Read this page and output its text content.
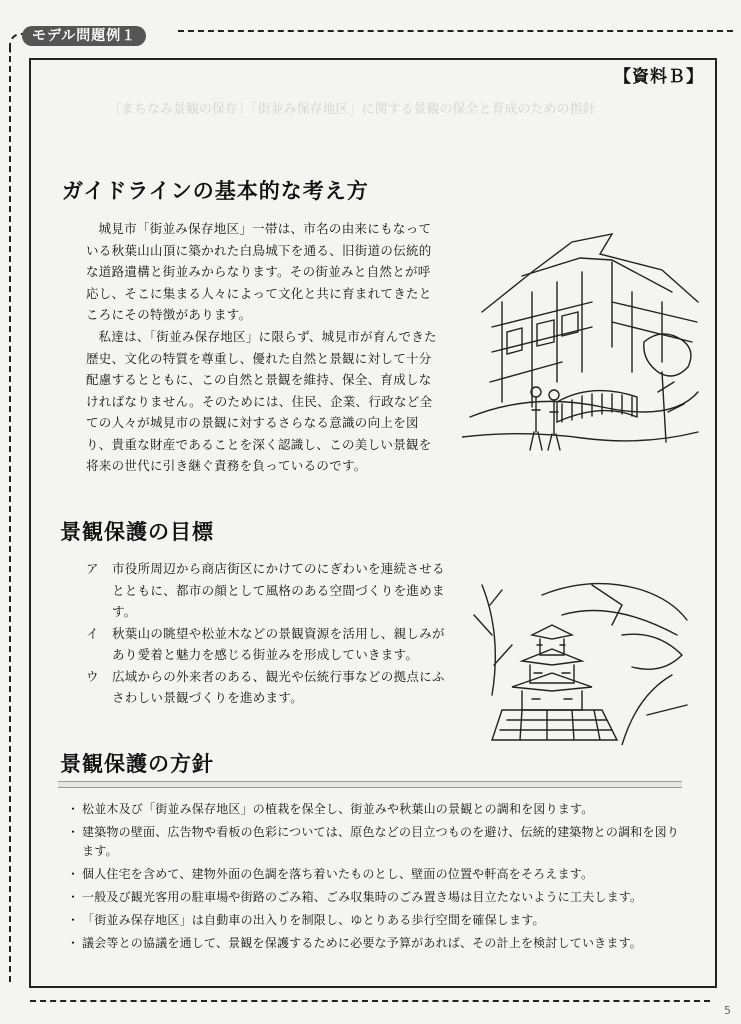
モデル問題例１
【資料Ｂ】
〔まちなみ景観の保存〕「街並み保存地区」に関する景観の保全と育成のための指針
ガイドラインの基本的な考え方

城見市「街並み保存地区」一帯は、市名の由来にもなっている秋葉山山頂に築かれた白鳥城下を通る、旧街道の伝統的な道路遺構と街並みからなります。その街並みと自然とが呼応し、そこに集まる人々によって文化と共に育まれてきたところにその特徴があります。

私達は、「街並み保存地区」に限らず、城見市が育んできた歴史、文化の特質を尊重し、優れた自然と景観に対して十分配慮するとともに、この自然と景観を維持、保全、育成しなければなりません。そのためには、住民、企業、行政など全ての人々が城見市の景観に対するさらなる意識の向上を図り、貴重な財産であることを深く認識し、この美しい景観を将来の世代に引き継ぐ責務を負っているのです。

景観保護の目標
ア 市役所周辺から商店街区にかけてのにぎわいを連続させるとともに、都市の顔として風格のある空間づくりを進めます。
イ 秋葉山の眺望や松並木などの景観資源を活用し、親しみがあり愛着と魅力を感じる街並みを形成していきます。
ウ 広域からの外来者のある、観光や伝統行事などの拠点にふさわしい景観づくりを進めます。
景観保護の方針
・ 松並木及び「街並み保存地区」の植栽を保全し、街並みや秋葉山の景観との調和を図ります。
・ 建築物の壁面、広告物や看板の色彩については、原色などの目立つものを避け、伝統的建築物との調和を図ります。
・ 個人住宅を含めて、建物外面の色調を落ち着いたものとし、壁面の位置や軒高をそろえます。
・ 一般及び観光客用の駐車場や街路のごみ箱、ごみ収集時のごみ置き場は目立たないように工夫します。
・ 「街並み保存地区」は自動車の出入りを制限し、ゆとりある歩行空間を確保します。
・ 議会等との協議を通して、景観を保護するために必要な予算があれば、その計上を検討していきます。
5
